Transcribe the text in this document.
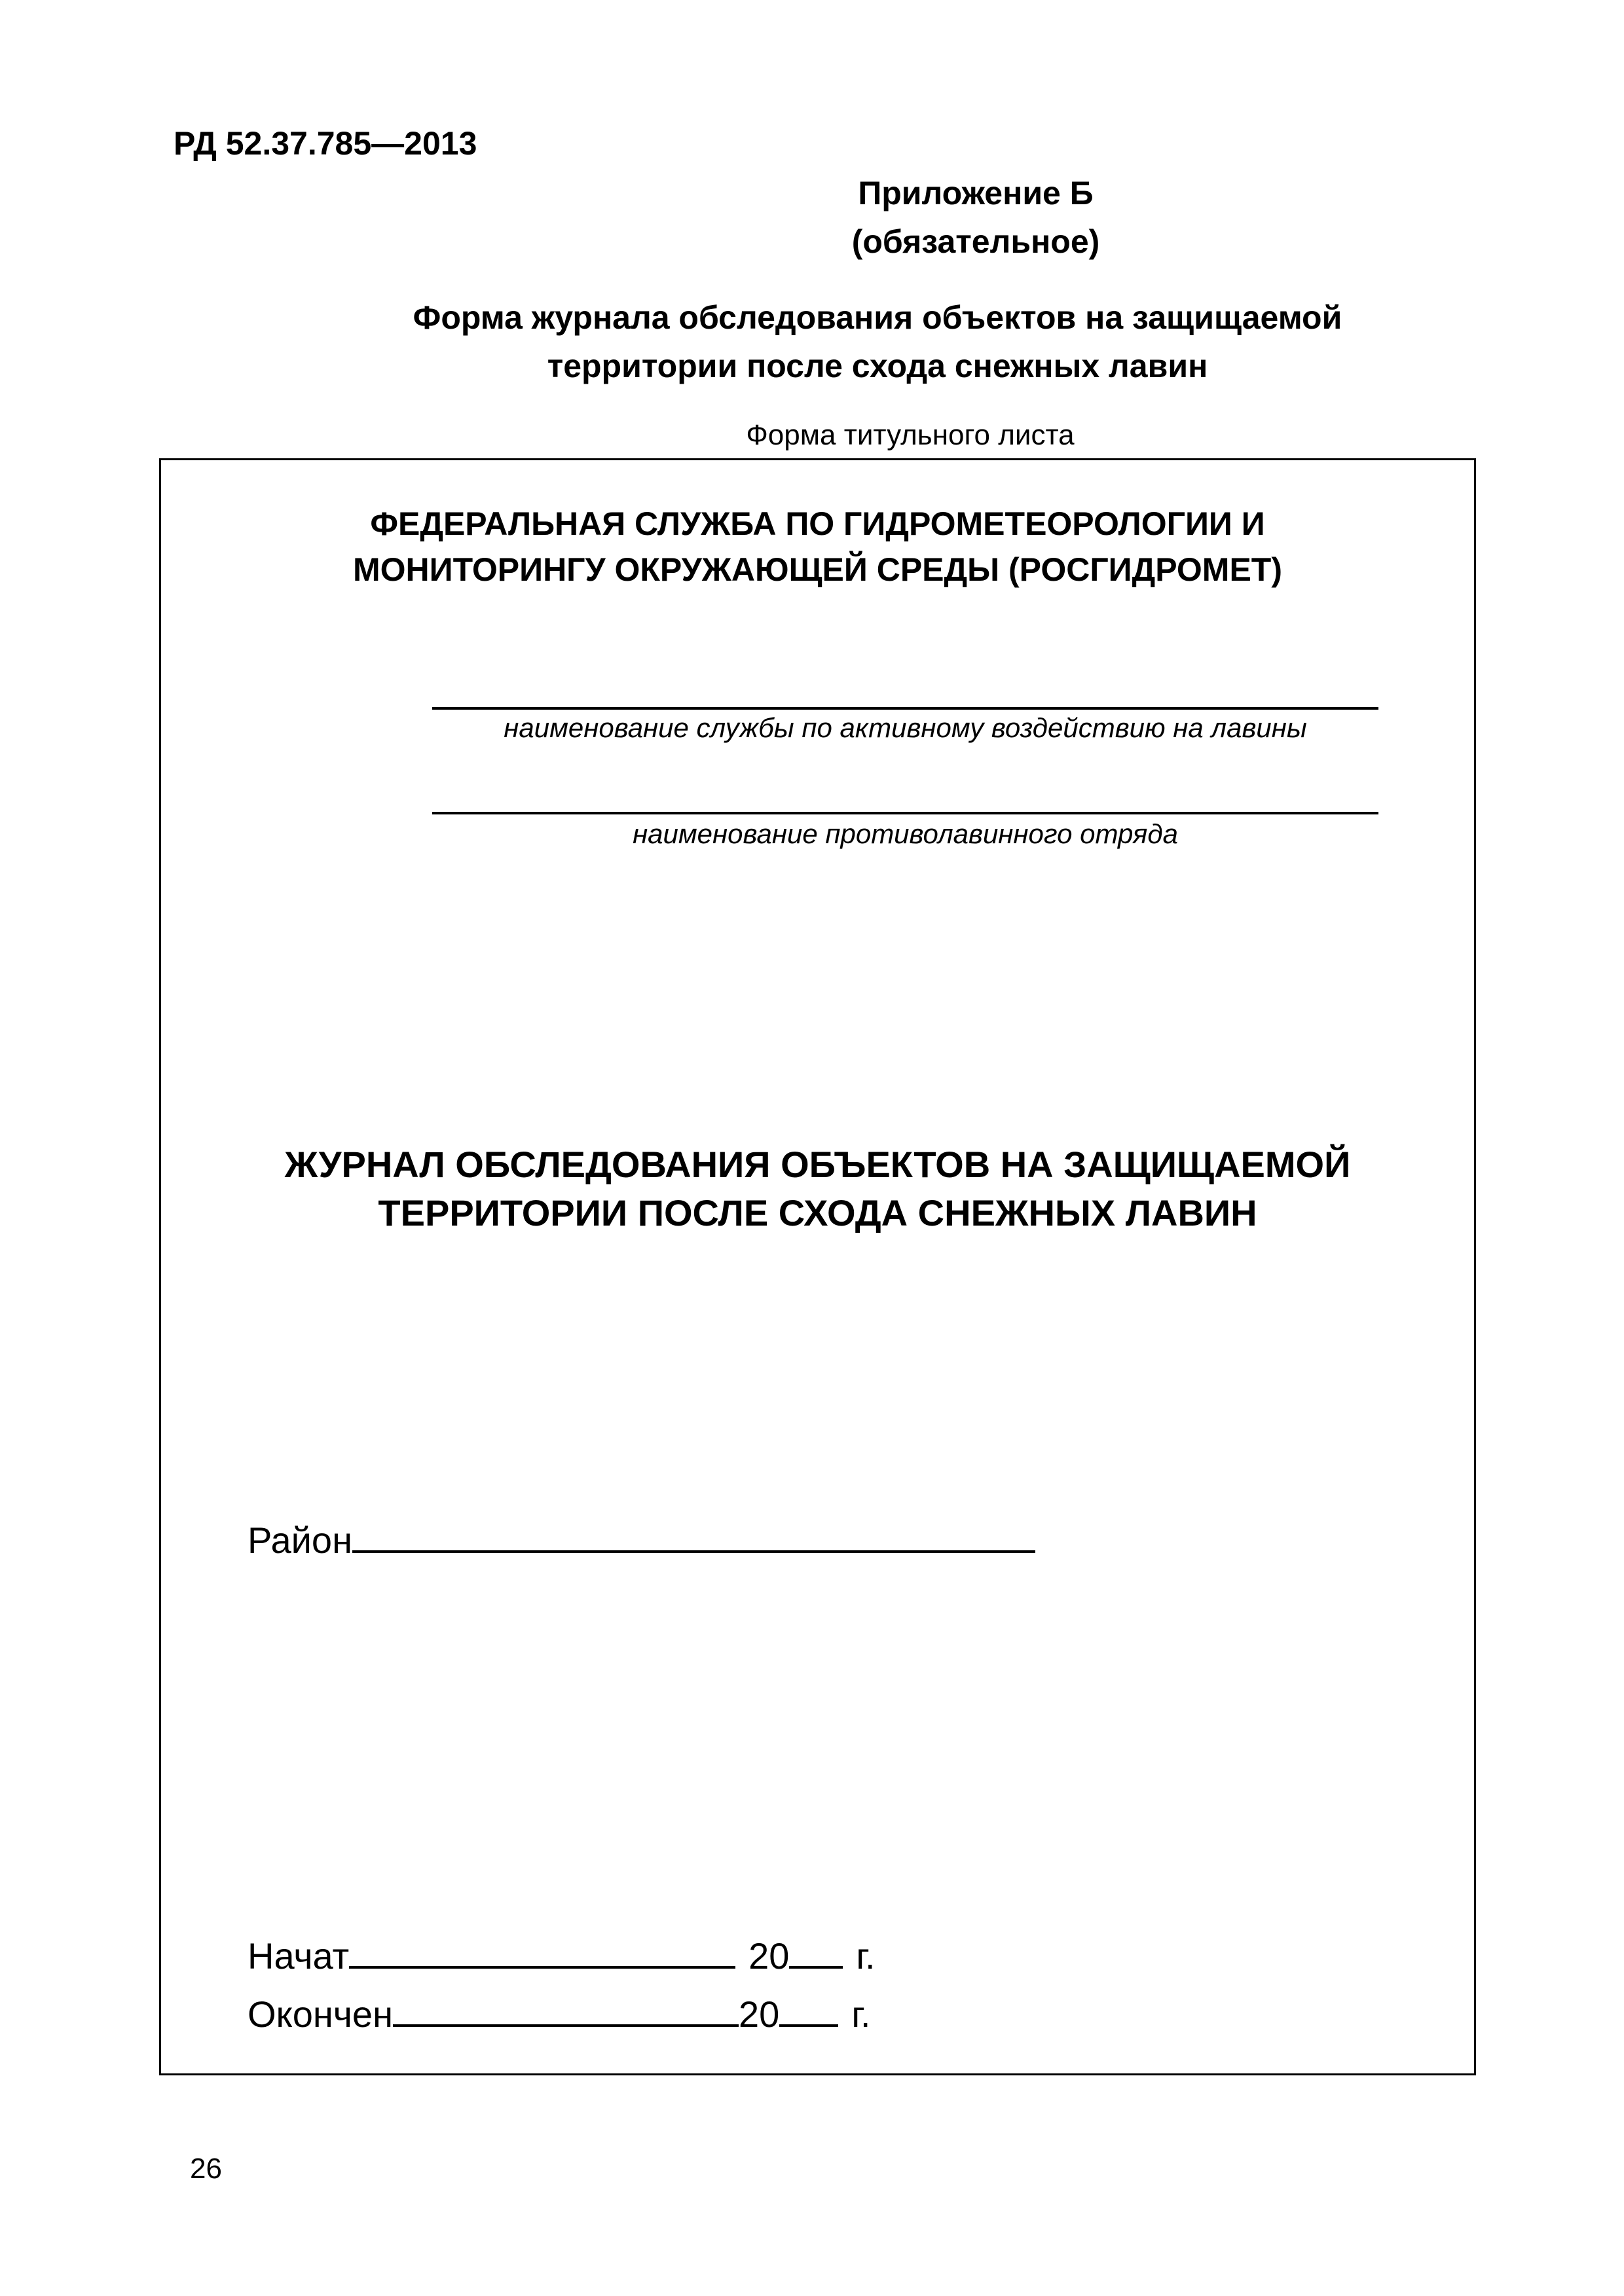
РД 52.37.785—2013
Приложение Б
(обязательное)
Форма журнала обследования объектов на защищаемой
территории после схода снежных лавин
Форма титульного листа
ФЕДЕРАЛЬНАЯ СЛУЖБА ПО ГИДРОМЕТЕОРОЛОГИИ И
МОНИТОРИНГУ ОКРУЖАЮЩЕЙ СРЕДЫ (РОСГИДРОМЕТ)
наименование службы по активному воздействию на лавины
наименование противолавинного отряда
ЖУРНАЛ ОБСЛЕДОВАНИЯ ОБЪЕКТОВ НА ЗАЩИЩАЕМОЙ
ТЕРРИТОРИИ ПОСЛЕ СХОДА СНЕЖНЫХ ЛАВИН
Район
Начат	20 г.
Окончен	20 г.
26
